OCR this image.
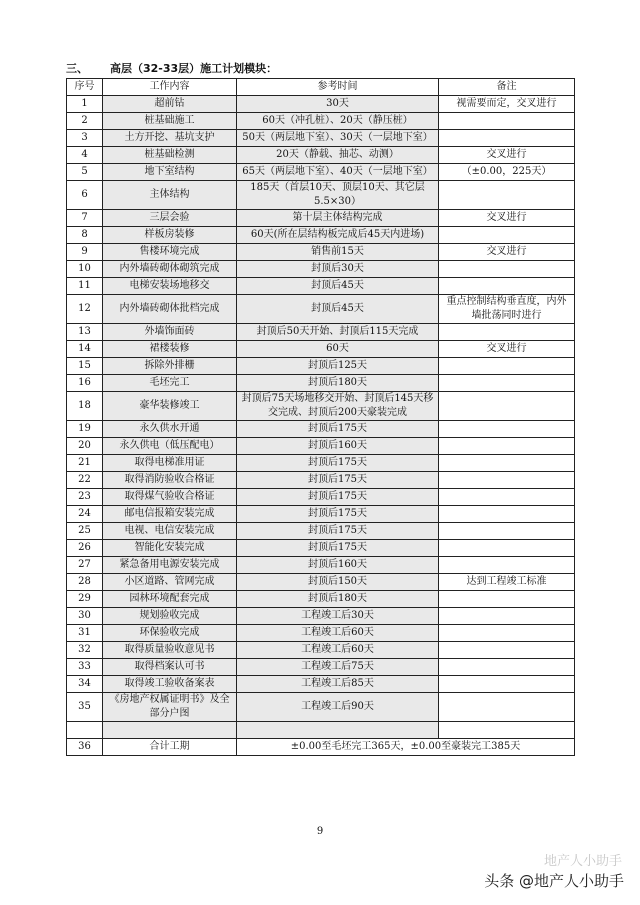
三、 高层（32-33层）施工计划模块：
序号	工作内容	参考时间	备注
1	超前钻	30天	视需要而定，交叉进行
2	桩基础施工	60天（冲孔桩）、20天（静压桩）	
3	土方开挖、基坑支护	50天（两层地下室）、30天（一层地下室）	
4	桩基础检测	20天（静载、抽芯、动测）	交叉进行
5	地下室结构	65天（两层地下室）、40天（一层地下室）	（±0.00，225天）
6	主体结构	185天（首层10天、顶层10天、其它层5.5×30）	
7	三层会验	第十层主体结构完成	交叉进行
8	样板房装修	60天(所在层结构板完成后45天内进场)	
9	售楼环境完成	销售前15天	交叉进行
10	内外墙砖砌体砌筑完成	封顶后30天	
11	电梯安装场地移交	封顶后45天	
12	内外墙砖砌体批档完成	封顶后45天	重点控制结构垂直度，内外墙批荡同时进行
13	外墙饰面砖	封顶后50天开始、封顶后115天完成	
14	裙楼装修	60天	交叉进行
15	拆除外排栅	封顶后125天	
16	毛坯完工	封顶后180天	
18	豪华装修竣工	封顶后75天场地移交开始、封顶后145天移交完成、封顶后200天豪装完成	
19	永久供水开通	封顶后175天	
20	永久供电（低压配电）	封顶后160天	
21	取得电梯准用证	封顶后175天	
22	取得消防验收合格证	封顶后175天	
23	取得煤气验收合格证	封顶后175天	
24	邮电信报箱安装完成	封顶后175天	
25	电视、电信安装完成	封顶后175天	
26	智能化安装完成	封顶后175天	
27	紧急备用电源安装完成	封顶后160天	
28	小区道路、管网完成	封顶后150天	达到工程竣工标准
29	园林环境配套完成	封顶后180天	
30	规划验收完成	工程竣工后30天	
31	环保验收完成	工程竣工后60天	
32	取得质量验收意见书	工程竣工后60天	
33	取得档案认可书	工程竣工后75天	
34	取得竣工验收备案表	工程竣工后85天	
35	《房地产权属证明书》及全部分户图	工程竣工后90天	

36	合计工期	±0.00至毛坯完工365天，±0.00至豪装完工385天	
9
地产人小助手
头条 @地产人小助手
